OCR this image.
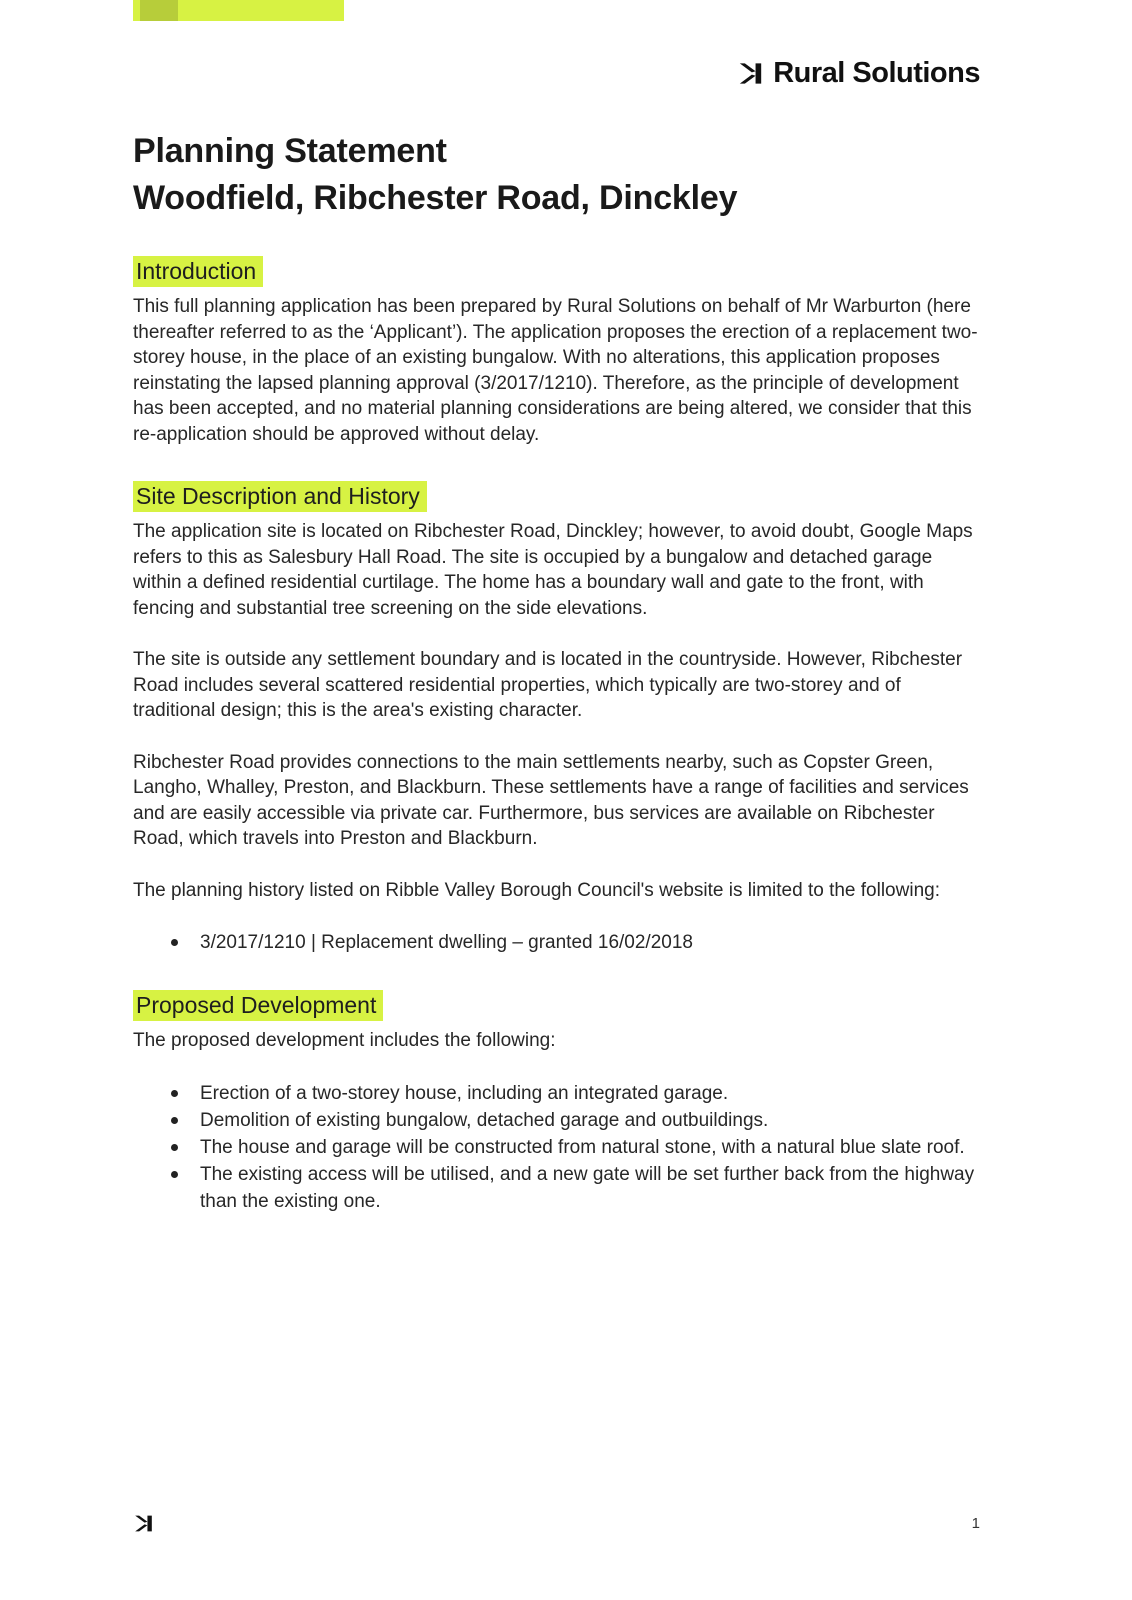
Rural Solutions
Planning Statement
Woodfield, Ribchester Road, Dinckley
Introduction

This full planning application has been prepared by Rural Solutions on behalf of Mr Warburton (here thereafter referred to as the ‘Applicant’). The application proposes the erection of a replacement two-storey house, in the place of an existing bungalow. With no alterations, this application proposes reinstating the lapsed planning approval (3/2017/1210). Therefore, as the principle of development has been accepted, and no material planning considerations are being altered, we consider that this re-application should be approved without delay.

Site Description and History

The application site is located on Ribchester Road, Dinckley; however, to avoid doubt, Google Maps refers to this as Salesbury Hall Road. The site is occupied by a bungalow and detached garage within a defined residential curtilage. The home has a boundary wall and gate to the front, with fencing and substantial tree screening on the side elevations.

The site is outside any settlement boundary and is located in the countryside. However, Ribchester Road includes several scattered residential properties, which typically are two-storey and of traditional design; this is the area's existing character.

Ribchester Road provides connections to the main settlements nearby, such as Copster Green, Langho, Whalley, Preston, and Blackburn. These settlements have a range of facilities and services and are easily accessible via private car. Furthermore, bus services are available on Ribchester Road, which travels into Preston and Blackburn.

The planning history listed on Ribble Valley Borough Council's website is limited to the following:

3/2017/1210 | Replacement dwelling – granted 16/02/2018
Proposed Development

The proposed development includes the following:

Erection of a two-storey house, including an integrated garage.
Demolition of existing bungalow, detached garage and outbuildings.
The house and garage will be constructed from natural stone, with a natural blue slate roof.
The existing access will be utilised, and a new gate will be set further back from the highway than the existing one.
1
